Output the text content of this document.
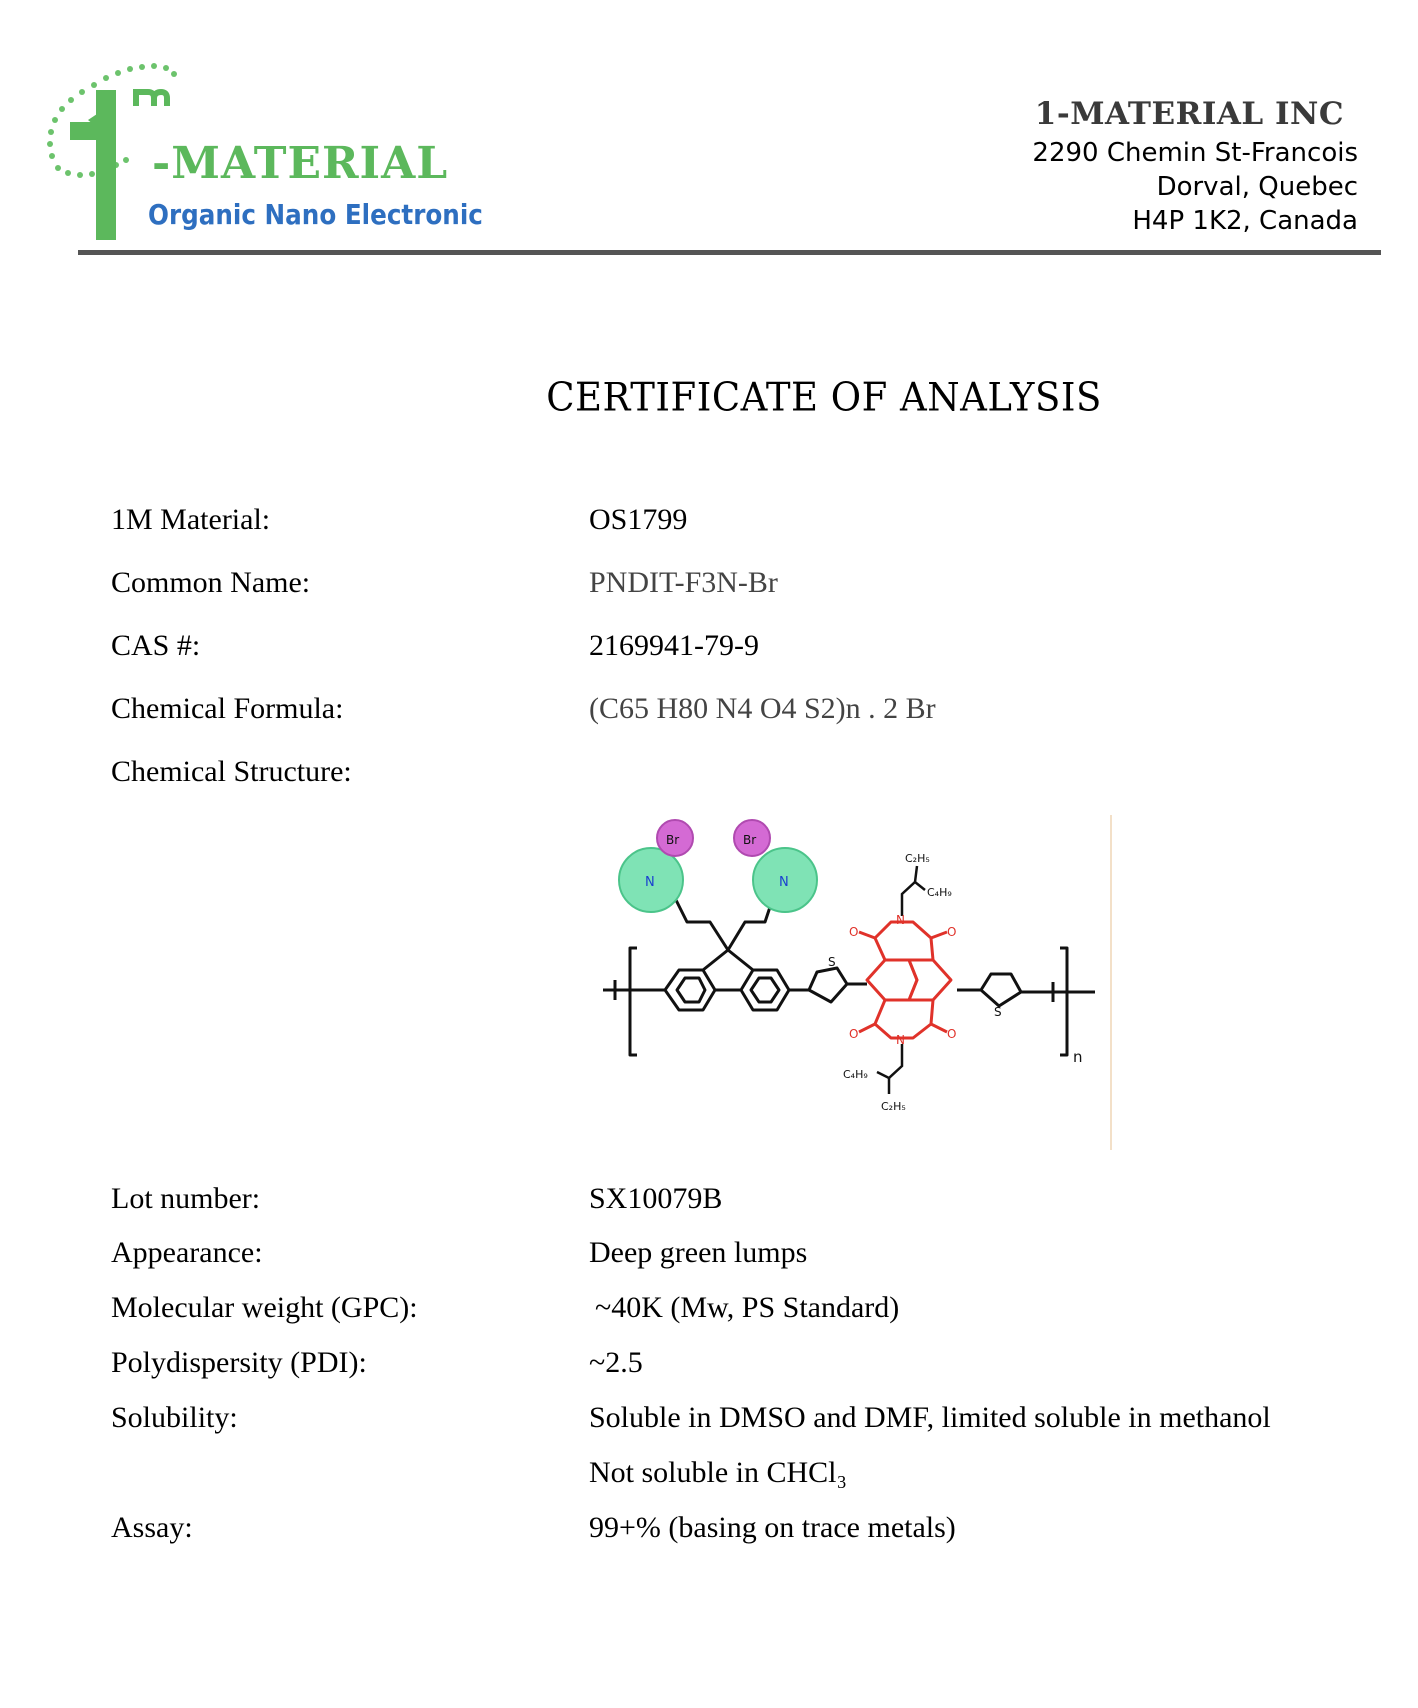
-MATERIAL
Organic Nano Electronic
1-MATERIAL INC
2290 Chemin St-Francois
Dorval, Quebec
H4P 1K2, Canada
CERTIFICATE OF ANALYSIS
1M Material:	OS1799
Common Name:	PNDIT-F3N-Br
CAS #:	2169941-79-9
Chemical Formula:	(C65 H80 N4 O4 S2)n . 2 Br
Chemical Structure:
Br	Br
N	N
S
S
N
N
O	O
O	O
C₂H₅
C₄H₉
C₄H₉
C₂H₅
n
Lot number:	SX10079B
Appearance:	Deep green lumps
Molecular weight (GPC):	~40K (Mw, PS Standard)
Polydispersity (PDI):	~2.5
Solubility:	Soluble in DMSO and DMF, limited soluble in methanol
Not soluble in CHCl₃
Assay:	99+% (basing on trace metals)
